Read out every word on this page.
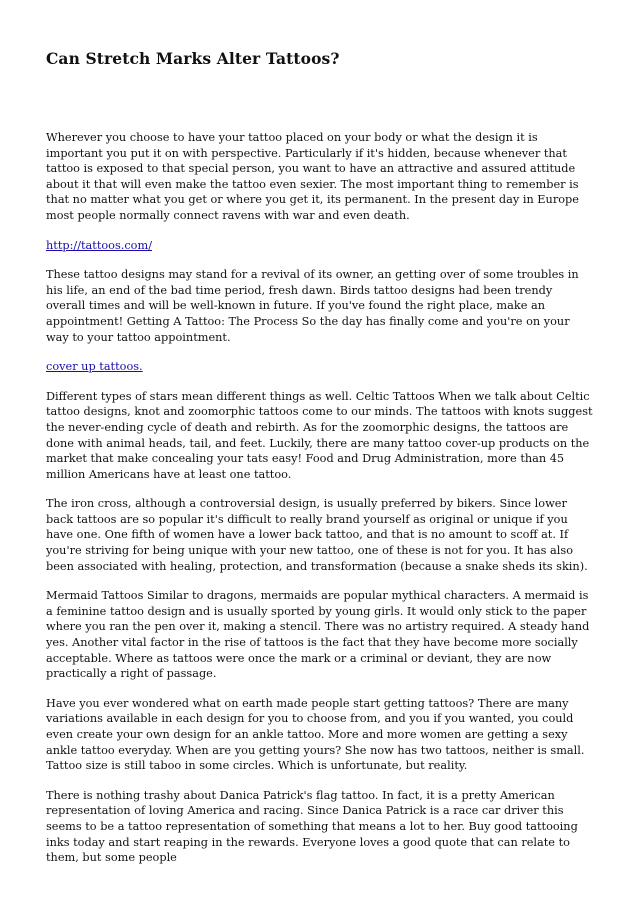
Can Stretch Marks Alter Tattoos?

Wherever you choose to have your tattoo placed on your body or what the design it is important you put it on with perspective. Particularly if it's hidden, because whenever that tattoo is exposed to that special person, you want to have an attractive and assured attitude about it that will even make the tattoo even sexier. The most important thing to remember is that no matter what you get or where you get it, its permanent. In the present day in Europe most people normally connect ravens with war and even death.

http://tattoos.com/

These tattoo designs may stand for a revival of its owner, an getting over of some troubles in his life, an end of the bad time period, fresh dawn. Birds tattoo designs had been trendy overall times and will be well-known in future. If you've found the right place, make an appointment! Getting A Tattoo: The Process So the day has finally come and you're on your way to your tattoo appointment.

cover up tattoos.

Different types of stars mean different things as well. Celtic Tattoos When we talk about Celtic tattoo designs, knot and zoomorphic tattoos come to our minds. The tattoos with knots suggest the never-ending cycle of death and rebirth. As for the zoomorphic designs, the tattoos are done with animal heads, tail, and feet. Luckily, there are many tattoo cover-up products on the market that make concealing your tats easy! Food and Drug Administration, more than 45 million Americans have at least one tattoo.

The iron cross, although a controversial design, is usually preferred by bikers. Since lower back tattoos are so popular it's difficult to really brand yourself as original or unique if you have one. One fifth of women have a lower back tattoo, and that is no amount to scoff at. If you're striving for being unique with your new tattoo, one of these is not for you. It has also been associated with healing, protection, and transformation (because a snake sheds its skin).

Mermaid Tattoos Similar to dragons, mermaids are popular mythical characters. A mermaid is a feminine tattoo design and is usually sported by young girls. It would only stick to the paper where you ran the pen over it, making a stencil. There was no artistry required. A steady hand yes. Another vital factor in the rise of tattoos is the fact that they have become more socially acceptable. Where as tattoos were once the mark or a criminal or deviant, they are now practically a right of passage.

Have you ever wondered what on earth made people start getting tattoos? There are many variations available in each design for you to choose from, and you if you wanted, you could even create your own design for an ankle tattoo. More and more women are getting a sexy ankle tattoo everyday. When are you getting yours? She now has two tattoos, neither is small. Tattoo size is still taboo in some circles. Which is unfortunate, but reality.

There is nothing trashy about Danica Patrick's flag tattoo. In fact, it is a pretty American representation of loving America and racing. Since Danica Patrick is a race car driver this seems to be a tattoo representation of something that means a lot to her. Buy good tattooing inks today and start reaping in the rewards. Everyone loves a good quote that can relate to them, but some people
